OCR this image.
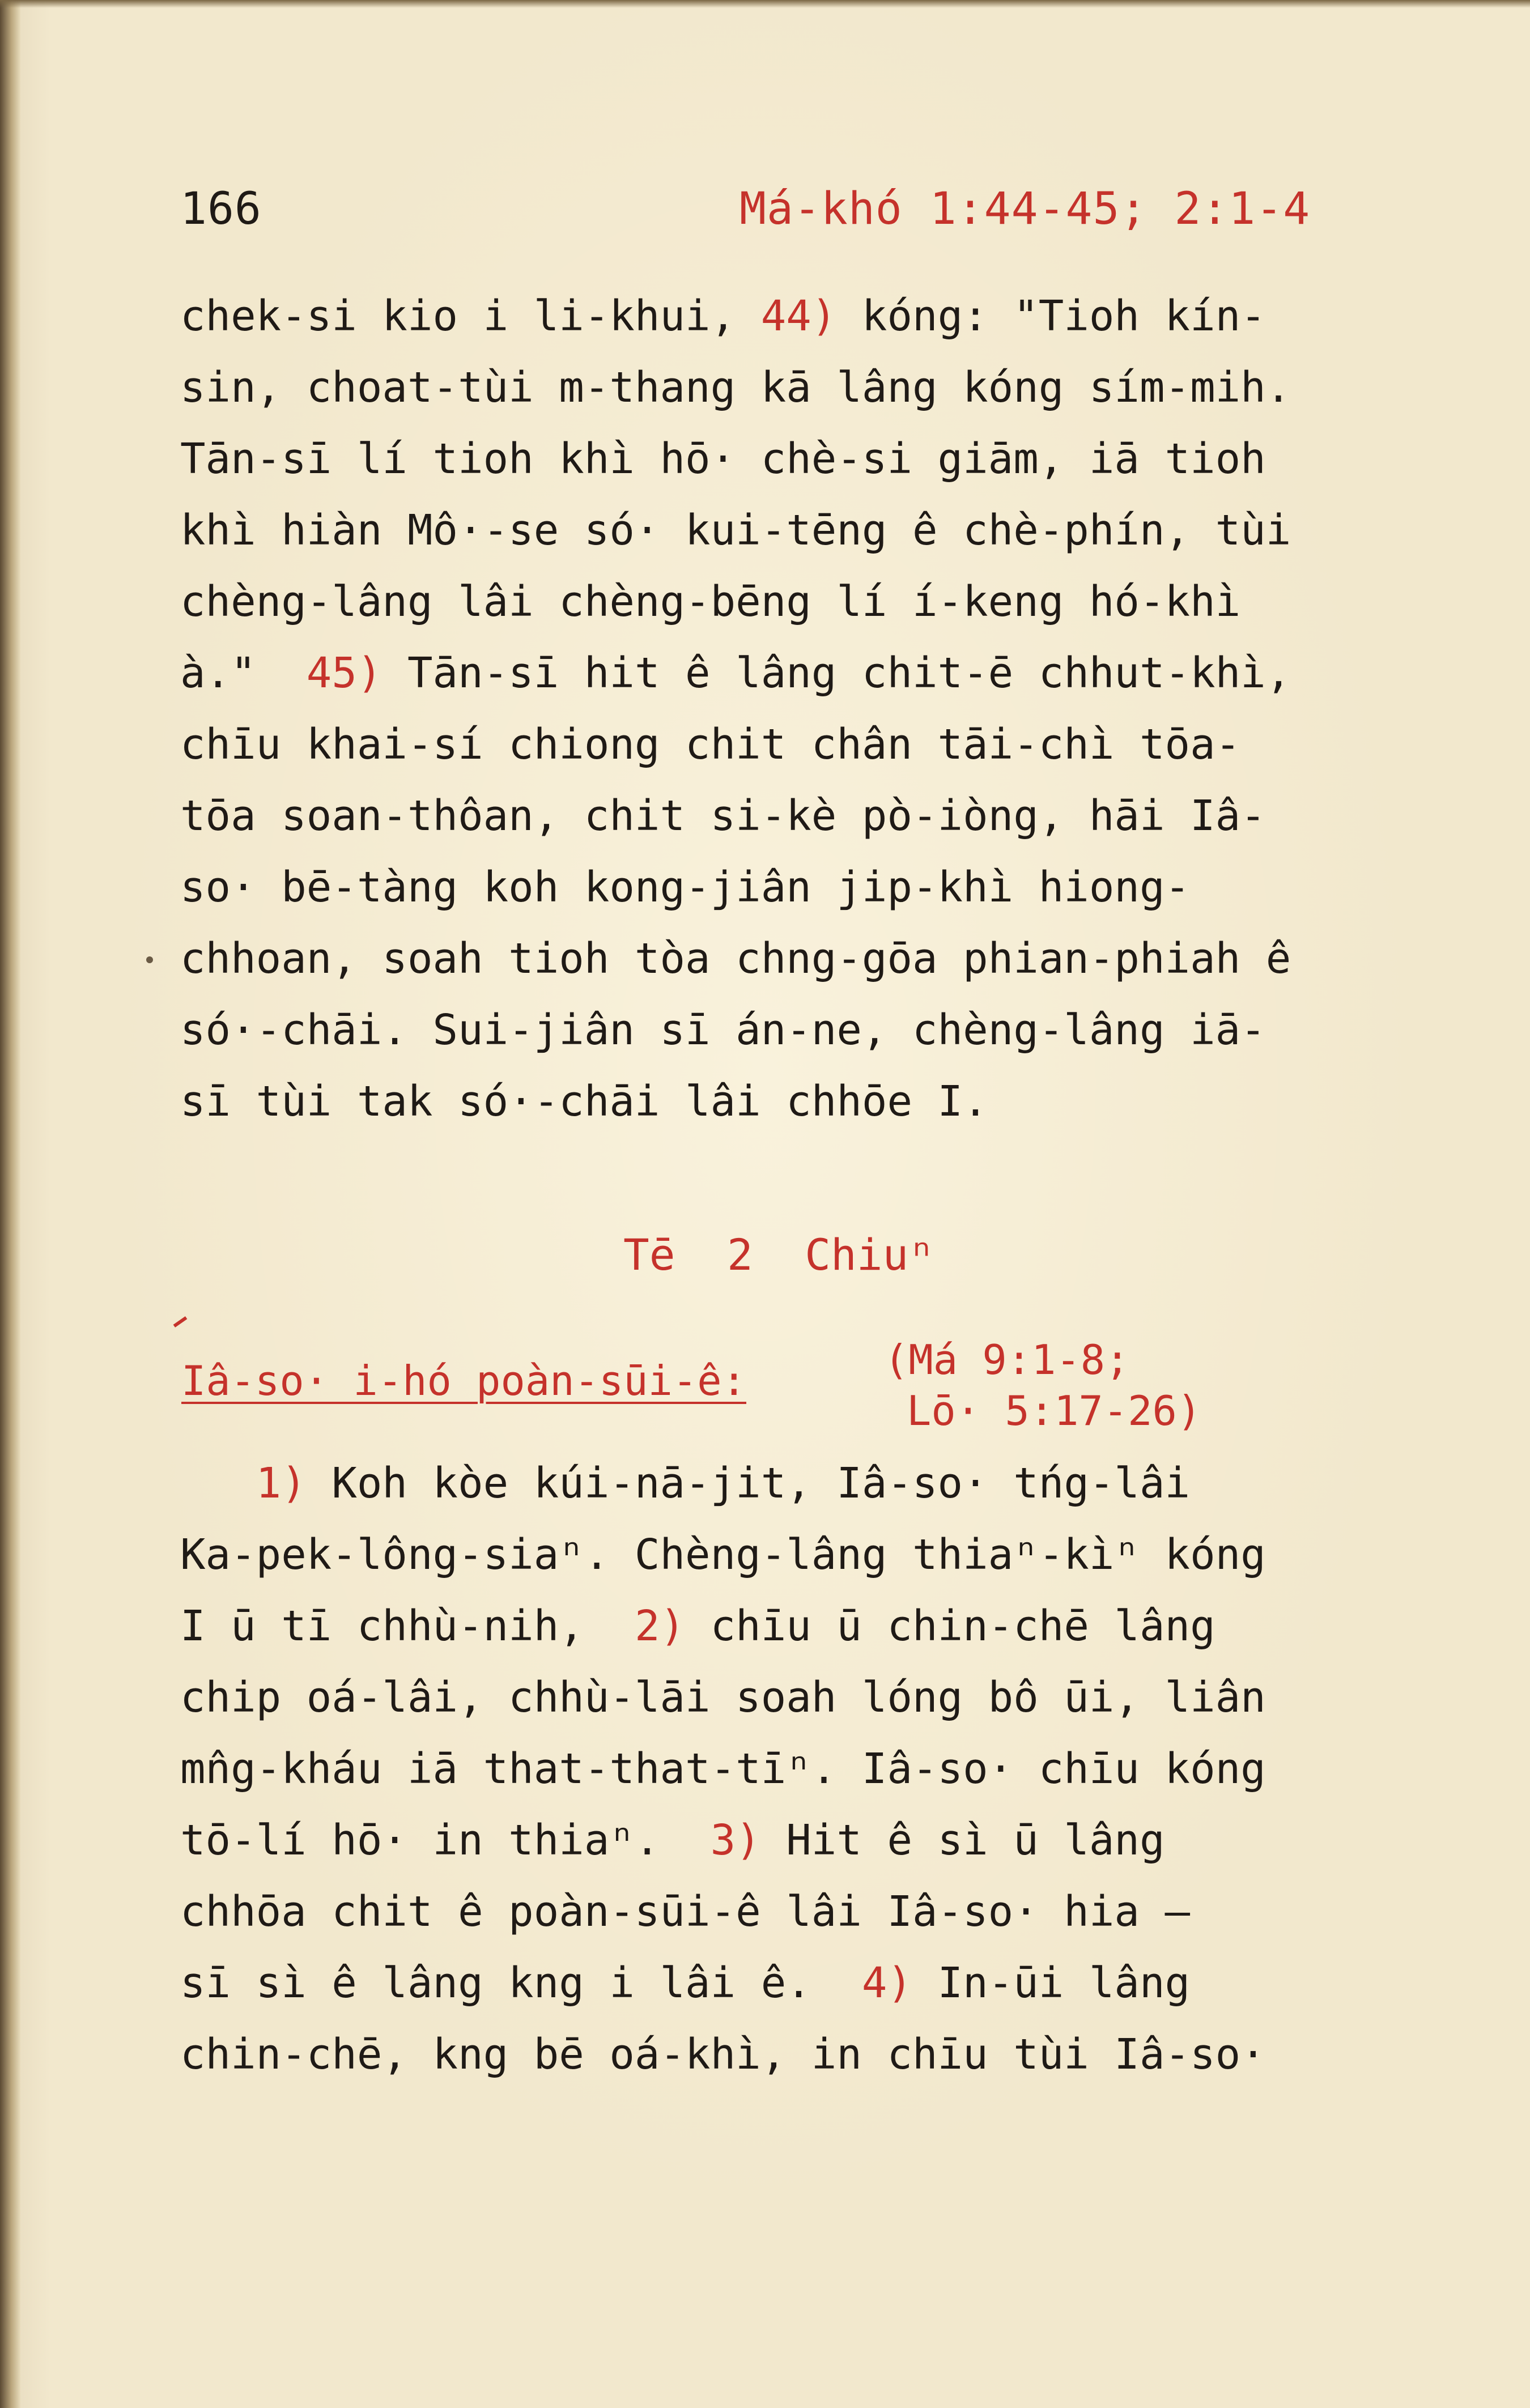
166	Má-khó 1:44-45; 2:1-4
chek-si kio i li-khui, 44) kóng: "Tioh kín-
sin, choat-tùi m-thang kā lâng kóng sím-mih.
Tān-sī lí tioh khì hō· chè-si giām, iā tioh
khì hiàn Mô·-se só· kui-tēng ê chè-phín, tùi
chèng-lâng lâi chèng-bēng lí í-keng hó-khì
à."  45) Tān-sī hit ê lâng chit-ē chhut-khì,
chīu khai-sí chiong chit chân tāi-chì tōa-
tōa soan-thôan, chit si-kè pò-iòng, hāi Iâ-
so· bē-tàng koh kong-jiân jip-khì hiong-
chhoan, soah tioh tòa chng-gōa phian-phiah ê
só·-chāi. Sui-jiân sī án-ne, chèng-lâng iā-
sī tùi tak só·-chāi lâi chhōe I.
Tē  2  Chiuⁿ
Iâ-so· i-hó poàn-sūi-ê:	(Má 9:1-8;
Lō· 5:17-26)
1) Koh kòe kúi-nā-jit, Iâ-so· tńg-lâi
Ka-pek-lông-siaⁿ. Chèng-lâng thiaⁿ-kìⁿ kóng
I ū tī chhù-nih,  2) chīu ū chin-chē lâng
chip oá-lâi, chhù-lāi soah lóng bô ūi, liân
mn̂g-kháu iā that-that-tīⁿ. Iâ-so· chīu kóng
tō-lí hō· in thiaⁿ.  3) Hit ê sì ū lâng
chhōa chit ê poàn-sūi-ê lâi Iâ-so· hia —
sī sì ê lâng kng i lâi ê.  4) In-ūi lâng
chin-chē, kng bē oá-khì, in chīu tùi Iâ-so·
